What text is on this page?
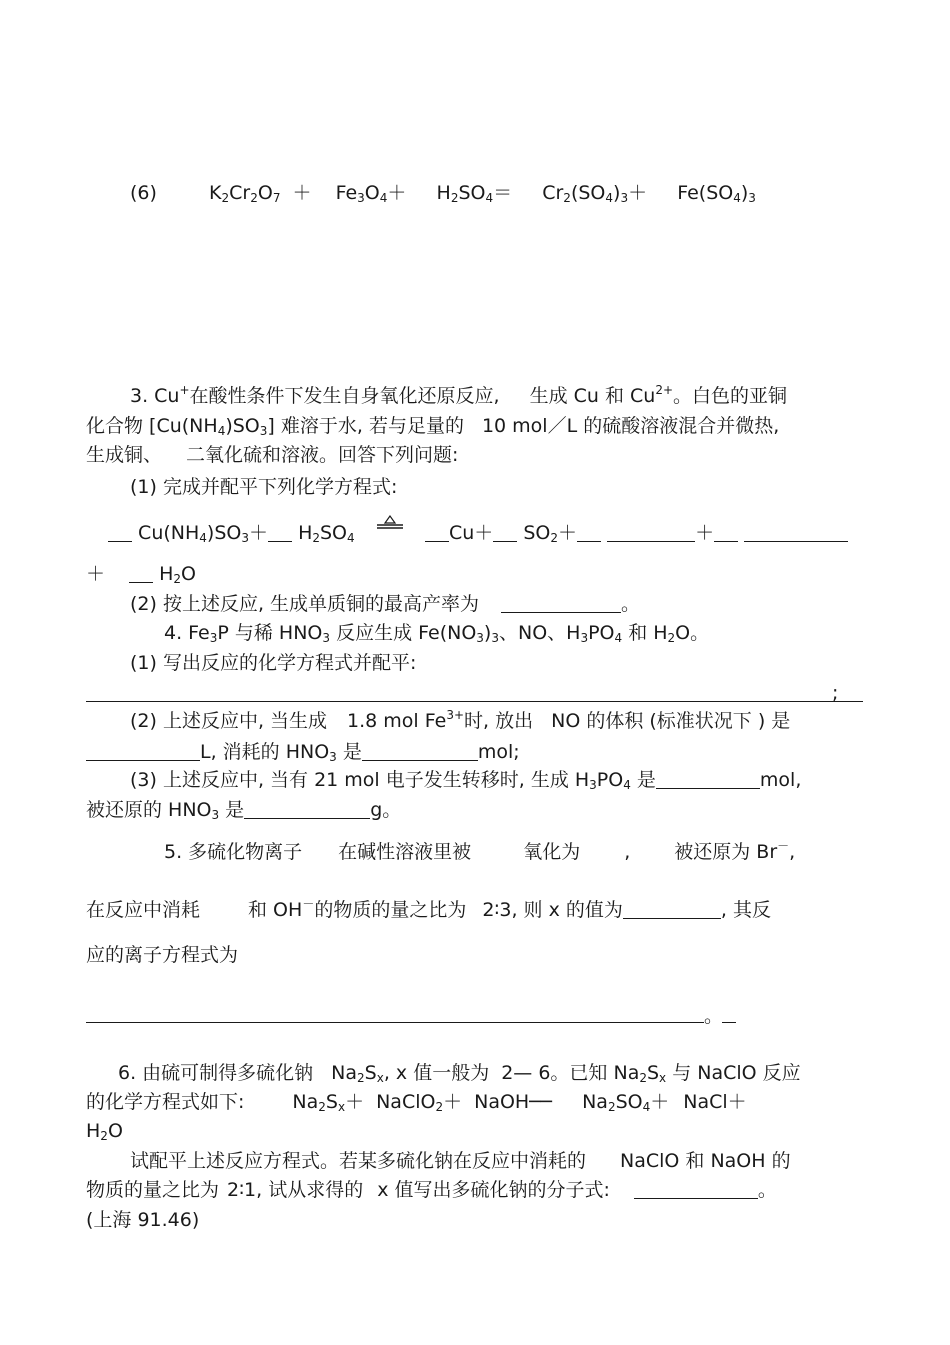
(6)	$K_2Cr_2O_7 + Fe_3O_4+ H_2SO_4= Cr_2(SO_4)_3+ Fe(SO_4)_3$
3. Cu+在酸性条件下发生自身氧化还原反应, 生成 Cu 和 $Cu^{2+}$。白色的亚铜
化合物 $[Cu(NH_4)SO_3]$ 难溶于水, 若与足量的 10 mol／L 的硫酸溶液混合并微热,
生成铜、 二氧化硫和溶液。回答下列问题:
(1) 完成并配平下列化学方程式:
$Cu(NH_4)SO_3+ H_2SO_4$	$Cu+ SO_2+$	＋
＋	$H_2O$
(2) 按上述反应, 生成单质铜的最高产率为	。
4. $Fe_3P$ 与稀 $HNO_3$ 反应生成 $Fe(NO_3)_3$、NO、$H_3PO_4$ 和 $H_2O$。
(1) 写出反应的化学方程式并配平:
;
(2) 上述反应中, 当生成 1.8 mol $Fe^{3+}$时, 放出 NO 的体积 (标准状况下 ) 是
L, 消耗的 $HNO_3$ 是	mol;
(3) 上述反应中, 当有 21 mol 电子发生转移时, 生成 $H_3PO_4$ 是	mol,
被还原的 $HNO_3$ 是	g。
5. 多硫化物离子 在碱性溶液里被	氧化为 , 被还原为 Br－,
在反应中消耗	和 OH－的物质的量之比为 2∶3, 则 x 的值为	, 其反
应的离子方程式为
。
6. 由硫可制得多硫化钠 $Na_2S_x$, x 值一般为 2— 6。已知 $Na_2S_x$ 与 NaClO 反应
的化学方程式如下:	$Na_2S_x+$ NaClO$_2$＋ NaOH── $Na_2SO_4+$ NaCl＋
$H_2O$
试配平上述反应方程式。若某多硫化钠在反应中消耗的 NaClO 和 NaOH 的
物质的量之比为 2∶1, 试从求得的 x 值写出多硫化钠的分子式:	。
(上海 91.46)
